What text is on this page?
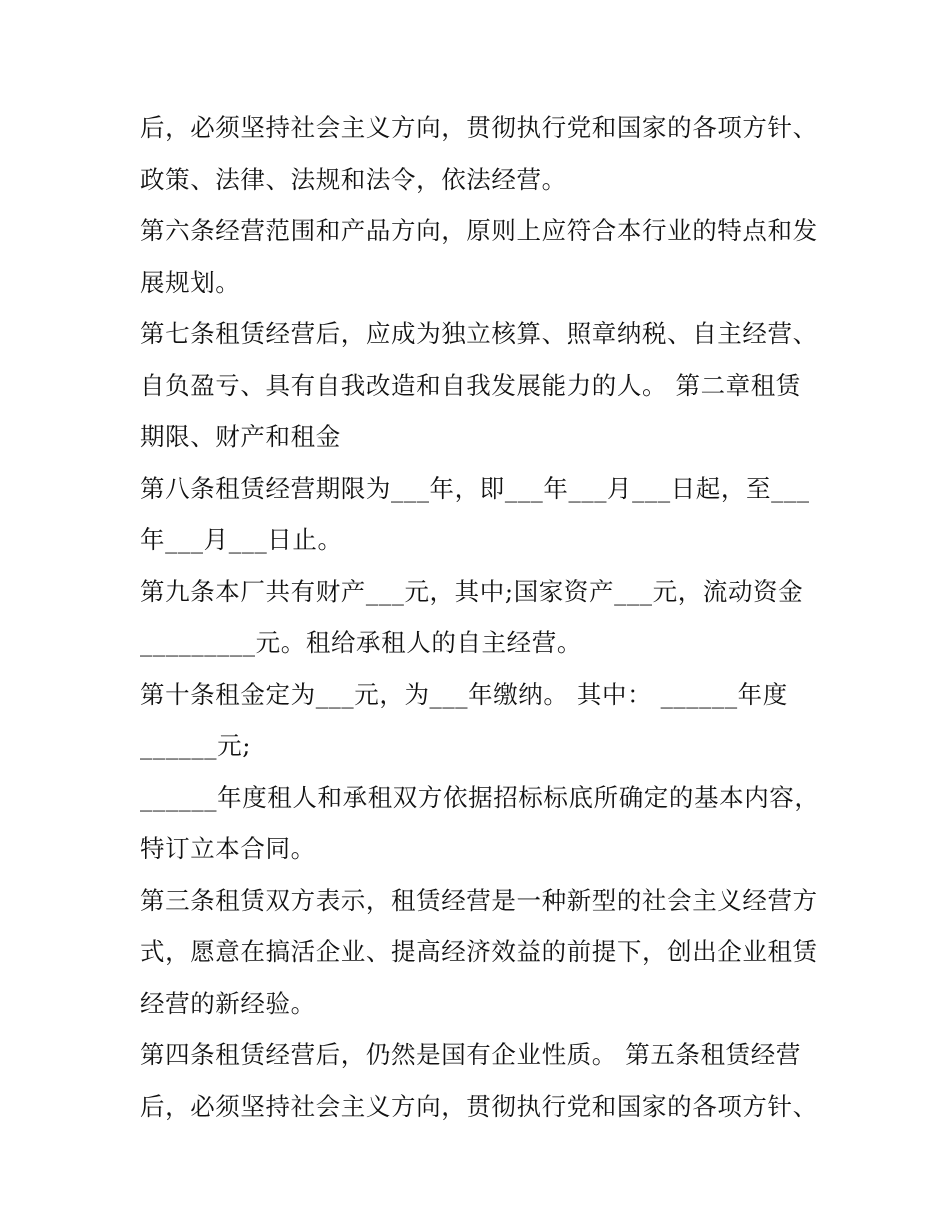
后，必须坚持社会主义方向，贯彻执行党和国家的各项方针、
政策、法律、法规和法令，依法经营。
第六条经营范围和产品方向，原则上应符合本行业的特点和发
展规划。
第七条租赁经营后，应成为独立核算、照章纳税、自主经营、
自负盈亏、具有自我改造和自我发展能力的人。 第二章租赁
期限、财产和租金
第八条租赁经营期限为___年，即___年___月___日起，至___
年___月___日止。
第九条本厂共有财产___元，其中;国家资产___元，流动资金
_________元。租给承租人的自主经营。
第十条租金定为___元，为___年缴纳。 其中： ______年度
______元;
______年度租人和承租双方依据招标标底所确定的基本内容，
特订立本合同。
第三条租赁双方表示，租赁经营是一种新型的社会主义经营方
式，愿意在搞活企业、提高经济效益的前提下，创出企业租赁
经营的新经验。
第四条租赁经营后，仍然是国有企业性质。 第五条租赁经营
后，必须坚持社会主义方向，贯彻执行党和国家的各项方针、
